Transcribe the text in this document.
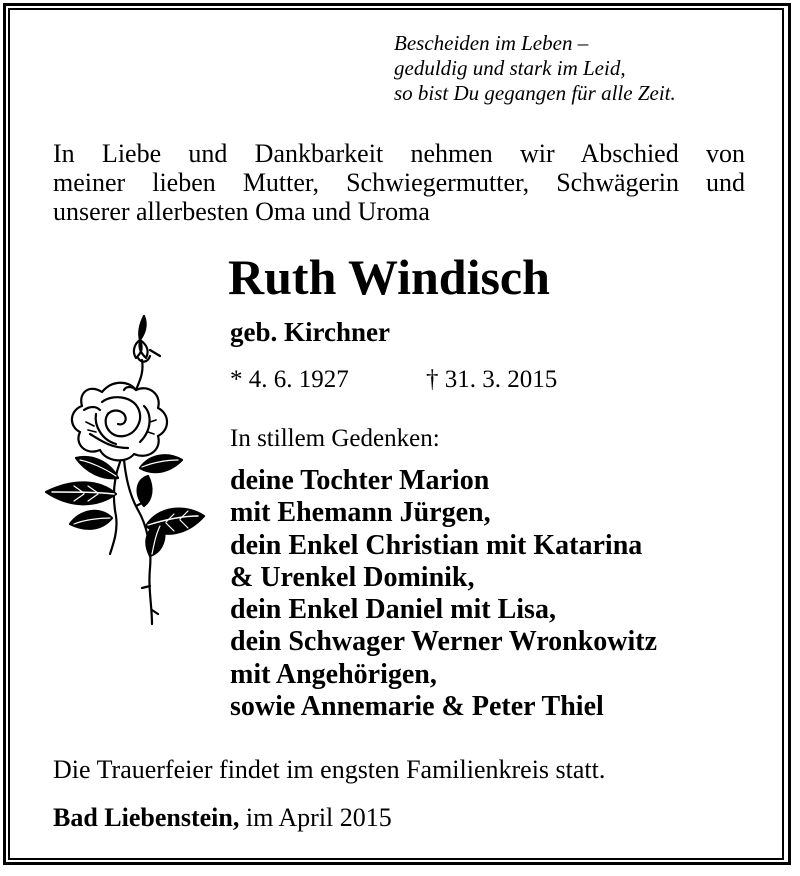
Bescheiden im Leben –
geduldig und stark im Leid,
so bist Du gegangen für alle Zeit.
In Liebe und Dankbarkeit nehmen wir Abschied von
meiner lieben Mutter, Schwiegermutter, Schwägerin und
unserer allerbesten Oma und Uroma
Ruth Windisch
geb. Kirchner
* 4. 6. 1927	† 31. 3. 2015
In stillem Gedenken:
deine Tochter Marion
mit Ehemann Jürgen,
dein Enkel Christian mit Katarina
& Urenkel Dominik,
dein Enkel Daniel mit Lisa,
dein Schwager Werner Wronkowitz
mit Angehörigen,
sowie Annemarie & Peter Thiel
Die Trauerfeier findet im engsten Familienkreis statt.
Bad Liebenstein, im April 2015
